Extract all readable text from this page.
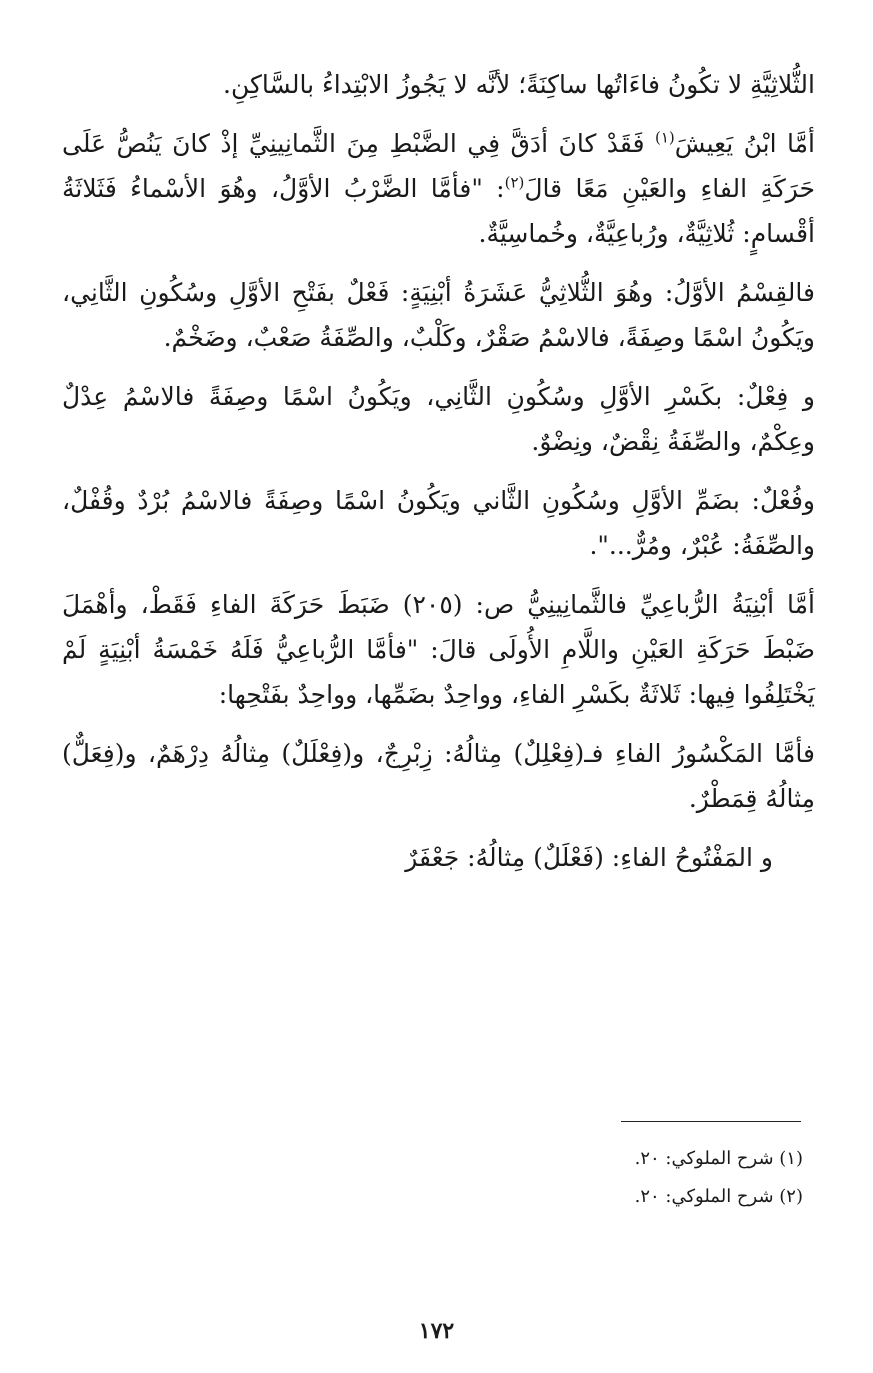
الثُّلاثِيَّةِ لا تكُونُ فاءَاتُها ساكِنَةً؛ لأنَّه لا يَجُوزُ الابْتِداءُ بالسَّاكِنِ.

أمَّا ابْنُ يَعِيشَ$^{(١)}$ فَقَدْ كانَ أدَقَّ فِي الضَّبْطِ مِنَ الثَّمانِينِيِّ إذْ كانَ يَنُصُّ عَلَى حَرَكَةِ الفاءِ والعَيْنِ مَعًا قالَ$^{(٢)}$: "فأمَّا الضَّرْبُ الأوَّلُ، وهُوَ الأسْماءُ فَثَلاثَةُ أقْسامٍ: ثُلاثِيَّةٌ، ورُباعِيَّةٌ، وخُماسِيَّةٌ.

فالقِسْمُ الأوَّلُ: وهُوَ الثُّلاثِيُّ عَشَرَةُ أبْنِيَةٍ: فَعْلٌ بفَتْحِ الأوَّلِ وسُكُونِ الثَّانِي، ويَكُونُ اسْمًا وصِفَةً، فالاسْمُ صَقْرٌ، وكَلْبٌ، والصِّفَةُ صَعْبٌ، وضَخْمٌ.

و فِعْلٌ: بكَسْرِ الأوَّلِ وسُكُونِ الثَّانِي، ويَكُونُ اسْمًا وصِفَةً فالاسْمُ عِدْلٌ وعِكْمٌ، والصِّفَةُ نِقْضٌ، ونِضْوٌ.

وفُعْلٌ: بضَمِّ الأوَّلِ وسُكُونِ الثَّاني ويَكُونُ اسْمًا وصِفَةً فالاسْمُ بُرْدٌ وقُفْلٌ، والصِّفَةُ: عُبْرٌ، ومُرٌّ...".

أمَّا أبْنِيَةُ الرُّباعِيِّ فالثَّمانِينِيُّ ص: (٢٠٥) ضَبَطَ حَرَكَةَ الفاءِ فَقَطْ، وأهْمَلَ ضَبْطَ حَرَكَةِ العَيْنِ واللَّامِ الأُولَى قالَ: "فأمَّا الرُّباعِيُّ فَلَهُ خَمْسَةُ أبْنِيَةٍ لَمْ يَخْتَلِفُوا فِيها: ثَلاثَةٌ بكَسْرِ الفاءِ، وواحِدٌ بضَمِّها، وواحِدٌ بفَتْحِها:

فأمَّا المَكْسُورُ الفاءِ فـ(فِعْلِلٌ) مِثالُهُ: زِبْرِجٌ، و(فِعْلَلٌ) مِثالُهُ دِرْهَمٌ، و(فِعَلٌّ) مِثالُهُ قِمَطْرٌ.

و المَفْتُوحُ الفاءِ: (فَعْلَلٌ) مِثالُهُ: جَعْفَرٌ

(١) شرح الملوكي: ٢٠.

(٢) شرح الملوكي: ٢٠.

١٧٢
